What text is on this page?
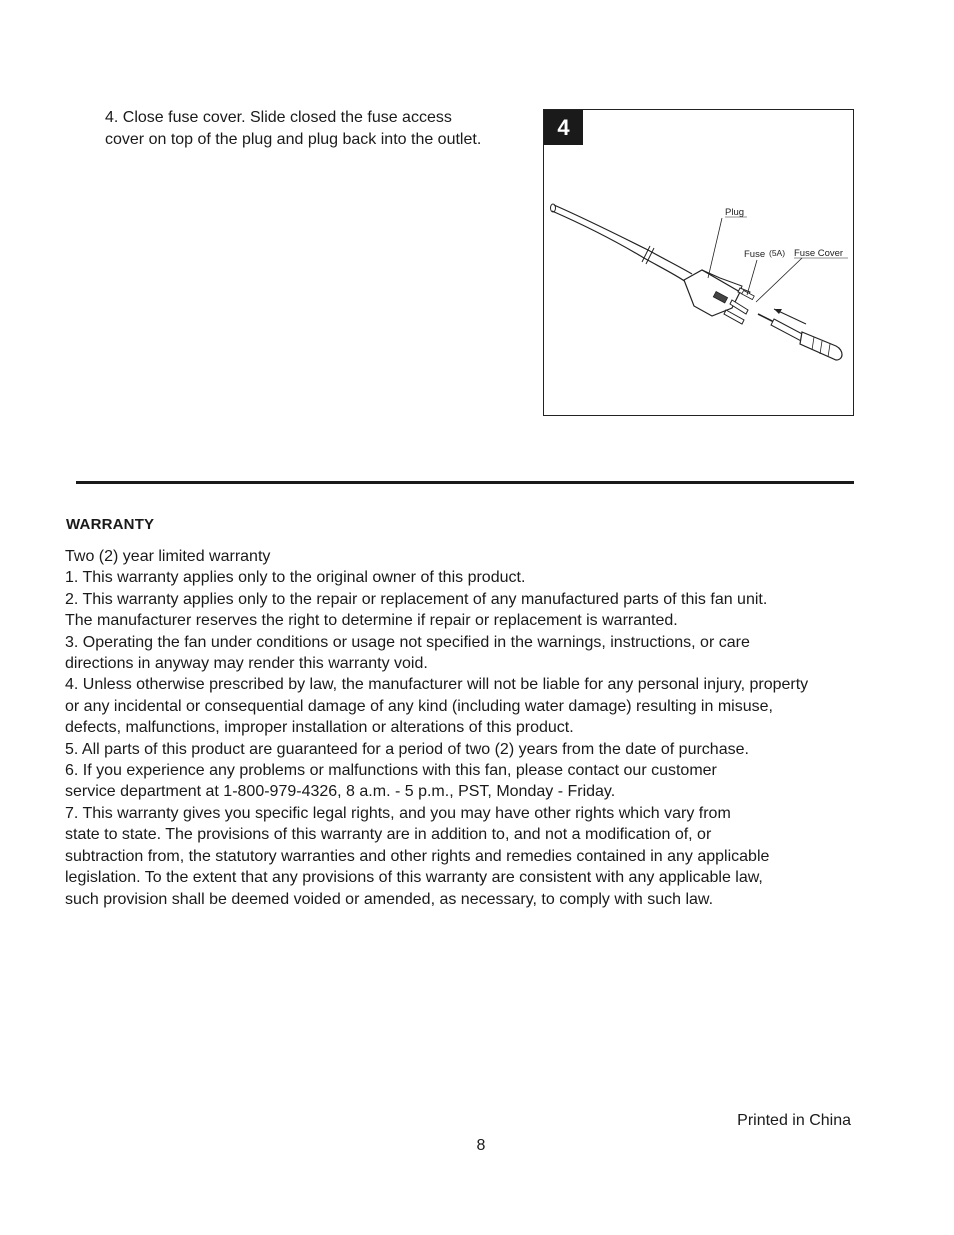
4. Close fuse cover. Slide closed the fuse access
cover on top of the plug and plug back into the outlet.	4
Plug
Fuse (5A) Fuse Cover
WARRANTY
Two (2) year limited warranty
1. This warranty applies only to the original owner of this product.
2. This warranty applies only to the repair or replacement of any manufactured parts of this fan unit.
The manufacturer reserves the right to determine if repair or replacement is warranted.
3. Operating the fan under conditions or usage not specified in the warnings, instructions, or care
directions in anyway may render this warranty void.
4. Unless otherwise prescribed by law, the manufacturer will not be liable for any personal injury, property
or any incidental or consequential damage of any kind (including water damage) resulting in misuse,
defects, malfunctions, improper installation or alterations of this product.
5. All parts of this product are guaranteed for a period of two (2) years from the date of purchase.
6. If you experience any problems or malfunctions with this fan, please contact our customer
service department at 1-800-979-4326, 8 a.m. - 5 p.m., PST, Monday - Friday.
7. This warranty gives you specific legal rights, and you may have other rights which vary from
state to state. The provisions of this warranty are in addition to, and not a modification of, or
subtraction from, the statutory warranties and other rights and remedies contained in any applicable
legislation. To the extent that any provisions of this warranty are consistent with any applicable law,
such provision shall be deemed voided or amended, as necessary, to comply with such law.
Printed in China
8
